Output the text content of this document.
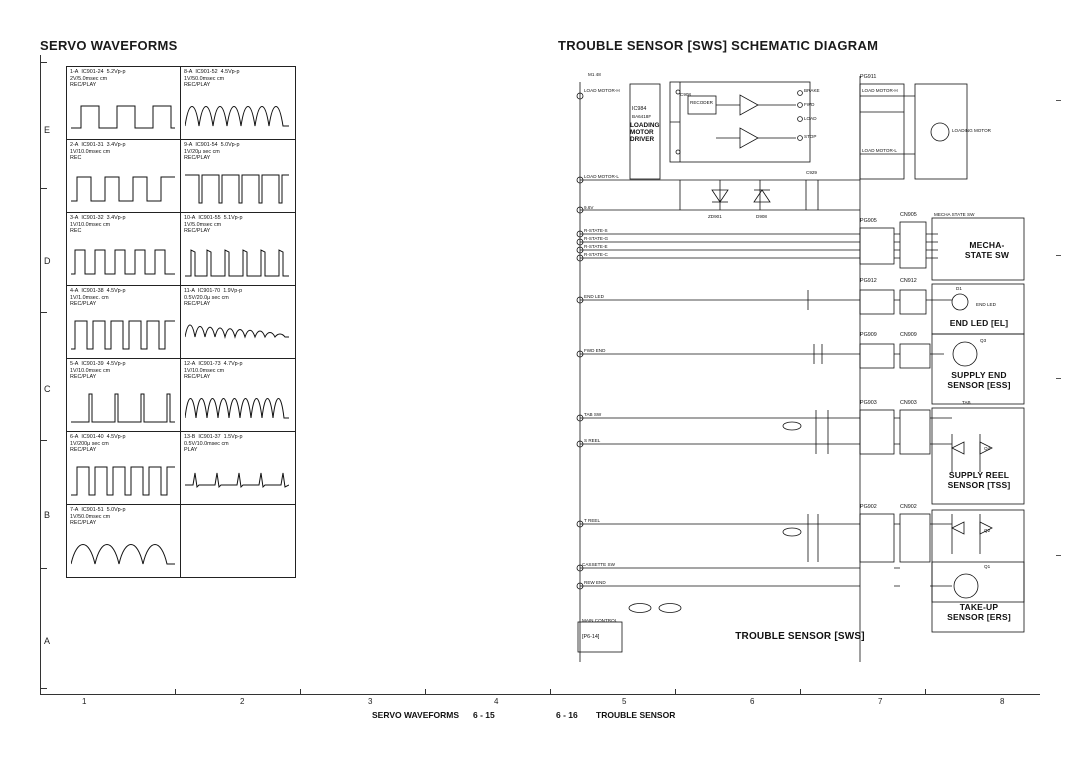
SERVO WAVEFORMS	TROUBLE SENSOR [SWS] SCHEMATIC DIAGRAM
E
D
C
B
A
1	2	3	4	5	6	7	8
1-A IC901-24 5.2Vp-p
2V/5.0msec cm
REC/PLAY
8-A IC901-52 4.5Vp-p
1V/50.0msec cm
REC/PLAY
2-A IC901-31 3.4Vp-p
1V/10.0msec cm
REC
9-A IC901-54 5.0Vp-p
1V/20μ sec cm
REC/PLAY
3-A IC901-32 3.4Vp-p
1V/10.0msec cm
REC
10-A IC901-55 5.1Vp-p
1V/5.0msec cm
REC/PLAY
4-A IC901-38 4.5Vp-p
1V/1.0msec. cm
REC/PLAY
11-A IC901-70 1.9Vp-p
0.5V/20.0μ sec cm
REC/PLAY
5-A IC901-39 4.5Vp-p
1V/10.0msec cm
REC/PLAY
12-A IC901-73 4.7Vp-p
1V/10.0msec cm
REC/PLAY
6-A IC901-40 4.5Vp-p
1V/200μ sec cm
REC/PLAY
13-B IC901-37 1.5Vp-p
0.5V/10.0msec cm
PLAY
7-A IC901-51 5.0Vp-p
1V/50.0msec cm
REC/PLAY
M1 48
LOAD MOTOR-H
LOAD MOTOR-L
9.6V
IC984
BA6418F
LOADING
MOTOR
DRIVER
RECODER
BRAKE
FWD
LOAD
STOP
PG911
LOAD MOTOR-H
LOAD MOTOR-L
LOADING MOTOR
ZD901	D908
C908
C929
R-STATE-S
R-STATE-G
R-STATE-E
R-STATE-C
PG905
CN905	MECHA STATE SW
MECHA-
STATE SW
END LED
PG912	CN912
D1
END LED
END LED [EL]
FWD END
PG909	CN909
Q3
SUPPLY END
SENSOR [ESS]
TAB SW
S REEL
PG903	CN903	TAB
Q4
SUPPLY REEL
SENSOR [TSS]
T REEL
CASSETTE SW
REW END
PG902	CN902
Q2
Q1
TAKE-UP
SENSOR [ERS]
MAIN CONTROL
[P6-14]	TROUBLE SENSOR [SWS]
SERVO WAVEFORMS 6 - 15	6 - 16 TROUBLE SENSOR
